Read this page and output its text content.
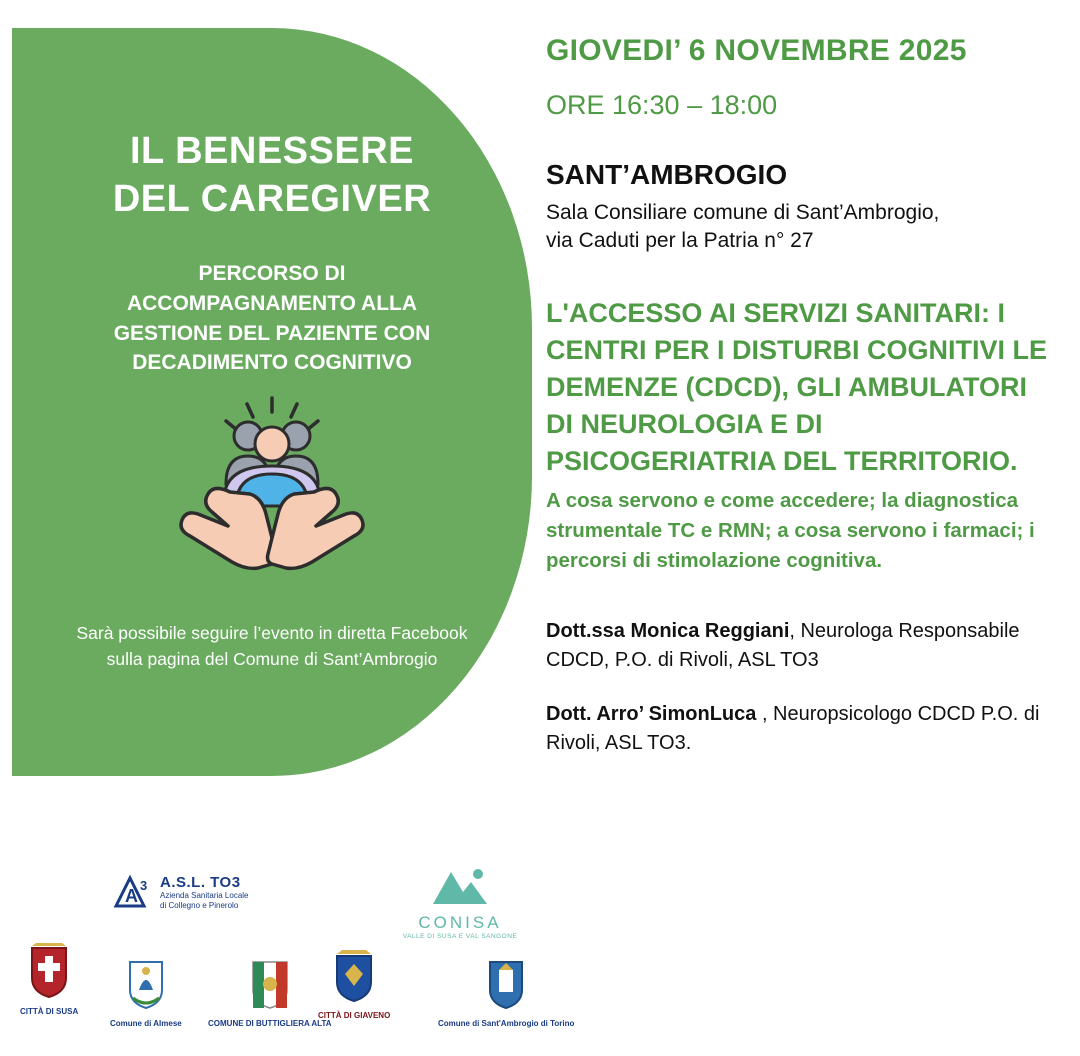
IL BENESSERE
DEL CAREGIVER
PERCORSO DI ACCOMPAGNAMENTO ALLA GESTIONE DEL PAZIENTE CON DECADIMENTO COGNITIVO
Sarà possibile seguire l’evento in diretta Facebook
sulla pagina del Comune di Sant’Ambrogio
GIOVEDI’ 6 NOVEMBRE 2025
ORE 16:30 – 18:00
SANT’AMBROGIO
Sala Consiliare comune di Sant’Ambrogio,
via Caduti per la Patria n° 27
L'ACCESSO AI SERVIZI SANITARI: I CENTRI PER I DISTURBI COGNITIVI LE DEMENZE (CDCD), GLI AMBULATORI DI NEUROLOGIA E DI PSICOGERIATRIA DEL TERRITORIO.
A cosa servono e come accedere; la diagnostica strumentale TC e RMN; a cosa servono i farmaci; i percorsi di stimolazione cognitiva.
Dott.ssa Monica Reggiani, Neurologa Responsabile CDCD, P.O. di Rivoli, ASL TO3
Dott. Arro’ SimonLuca , Neuropsicologo CDCD P.O. di Rivoli, ASL TO3.
A
3 A.S.L. TO3
Azienda Sanitaria Locale
di Collegno e Pinerolo
CONISA
VALLE DI SUSA E VAL SANGONE
CITTÀ DI SUSA
Comune di Almese	COMUNE DI BUTTIGLIERA ALTA
CITTÀ DI GIAVENO
Comune di Sant'Ambrogio di Torino
